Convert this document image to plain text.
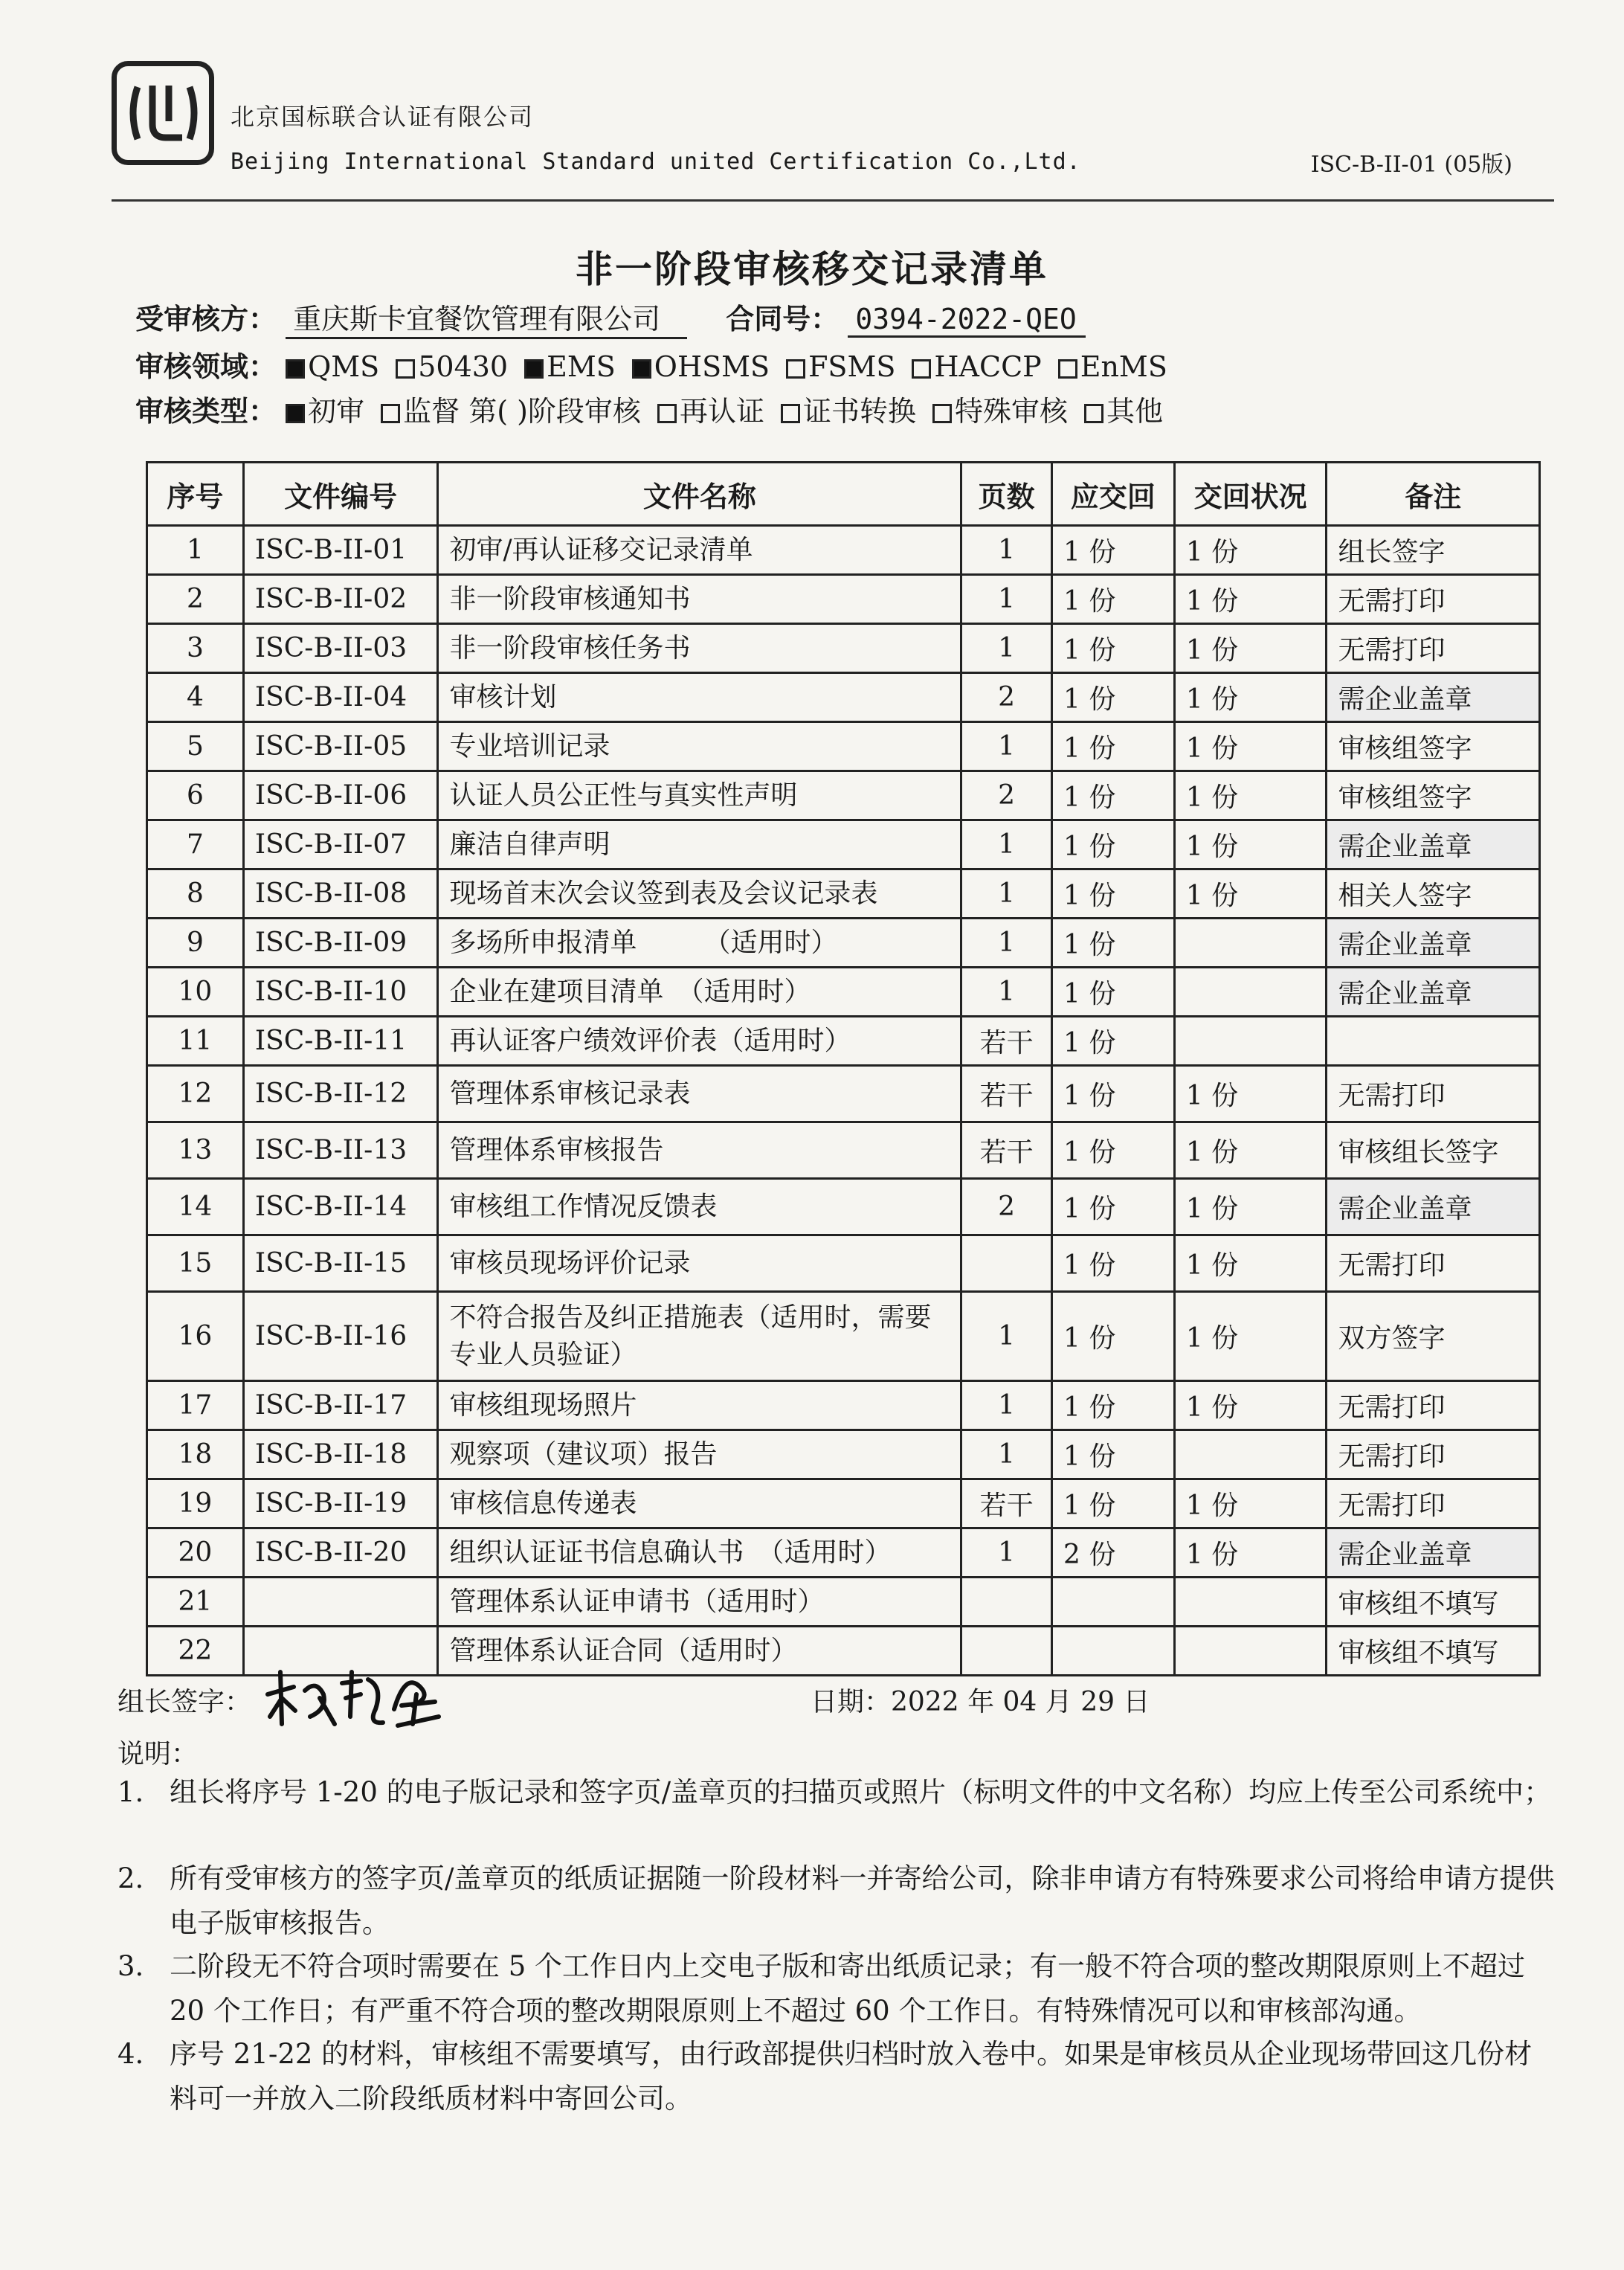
北京国标联合认证有限公司
Beijing International Standard united Certification Co.,Ltd.	ISC-B-II-01 (05版)
非一阶段审核移交记录清单
受审核方： 重庆斯卡宜餐饮管理有限公司 合同号： 0394-2022-QEO
审核领域： QMS 50430 EMS OHSMS FSMS HACCP EnMS
审核类型： 初审 监督 第( )阶段审核 再认证 证书转换 特殊审核 其他
序号	文件编号	文件名称	页数	应交回	交回状况	备注
1	ISC-B-II-01	初审/再认证移交记录清单	1	1 份	1 份	组长签字
2	ISC-B-II-02	非一阶段审核通知书	1	1 份	1 份	无需打印
3	ISC-B-II-03	非一阶段审核任务书	1	1 份	1 份	无需打印
4	ISC-B-II-04	审核计划	2	1 份	1 份	需企业盖章
5	ISC-B-II-05	专业培训记录	1	1 份	1 份	审核组签字
6	ISC-B-II-06	认证人员公正性与真实性声明	2	1 份	1 份	审核组签字
7	ISC-B-II-07	廉洁自律声明	1	1 份	1 份	需企业盖章
8	ISC-B-II-08	现场首末次会议签到表及会议记录表	1	1 份	1 份	相关人签字
9	ISC-B-II-09	多场所申报清单　　　（适用时）	1	1 份		需企业盖章
10	ISC-B-II-10	企业在建项目清单　（适用时）	1	1 份		需企业盖章
11	ISC-B-II-11	再认证客户绩效评价表（适用时）	若干	1 份		
12	ISC-B-II-12	管理体系审核记录表	若干	1 份	1 份	无需打印
13	ISC-B-II-13	管理体系审核报告	若干	1 份	1 份	审核组长签字
14	ISC-B-II-14	审核组工作情况反馈表	2	1 份	1 份	需企业盖章
15	ISC-B-II-15	审核员现场评价记录		1 份	1 份	无需打印
16	ISC-B-II-16	不符合报告及纠正措施表（适用时，需要专业人员验证）	1	1 份	1 份	双方签字
17	ISC-B-II-17	审核组现场照片	1	1 份	1 份	无需打印
18	ISC-B-II-18	观察项（建议项）报告	1	1 份		无需打印
19	ISC-B-II-19	审核信息传递表	若干	1 份	1 份	无需打印
20	ISC-B-II-20	组织认证证书信息确认书　（适用时）	1	2 份	1 份	需企业盖章
21		管理体系认证申请书（适用时）				审核组不填写
22		管理体系认证合同（适用时）				审核组不填写
组长签字：	日期：2022 年 04 月 29 日
说明：
1. 组长将序号 1-20 的电子版记录和签字页/盖章页的扫描页或照片（标明文件的中文名称）均应上传至公司系统中；
2. 所有受审核方的签字页/盖章页的纸质证据随一阶段材料一并寄给公司，除非申请方有特殊要求公司将给申请方提供电子版审核报告。
3. 二阶段无不符合项时需要在 5 个工作日内上交电子版和寄出纸质记录；有一般不符合项的整改期限原则上不超过 20 个工作日；有严重不符合项的整改期限原则上不超过 60 个工作日。有特殊情况可以和审核部沟通。
4. 序号 21-22 的材料，审核组不需要填写，由行政部提供归档时放入卷中。如果是审核员从企业现场带回这几份材料可一并放入二阶段纸质材料中寄回公司。
